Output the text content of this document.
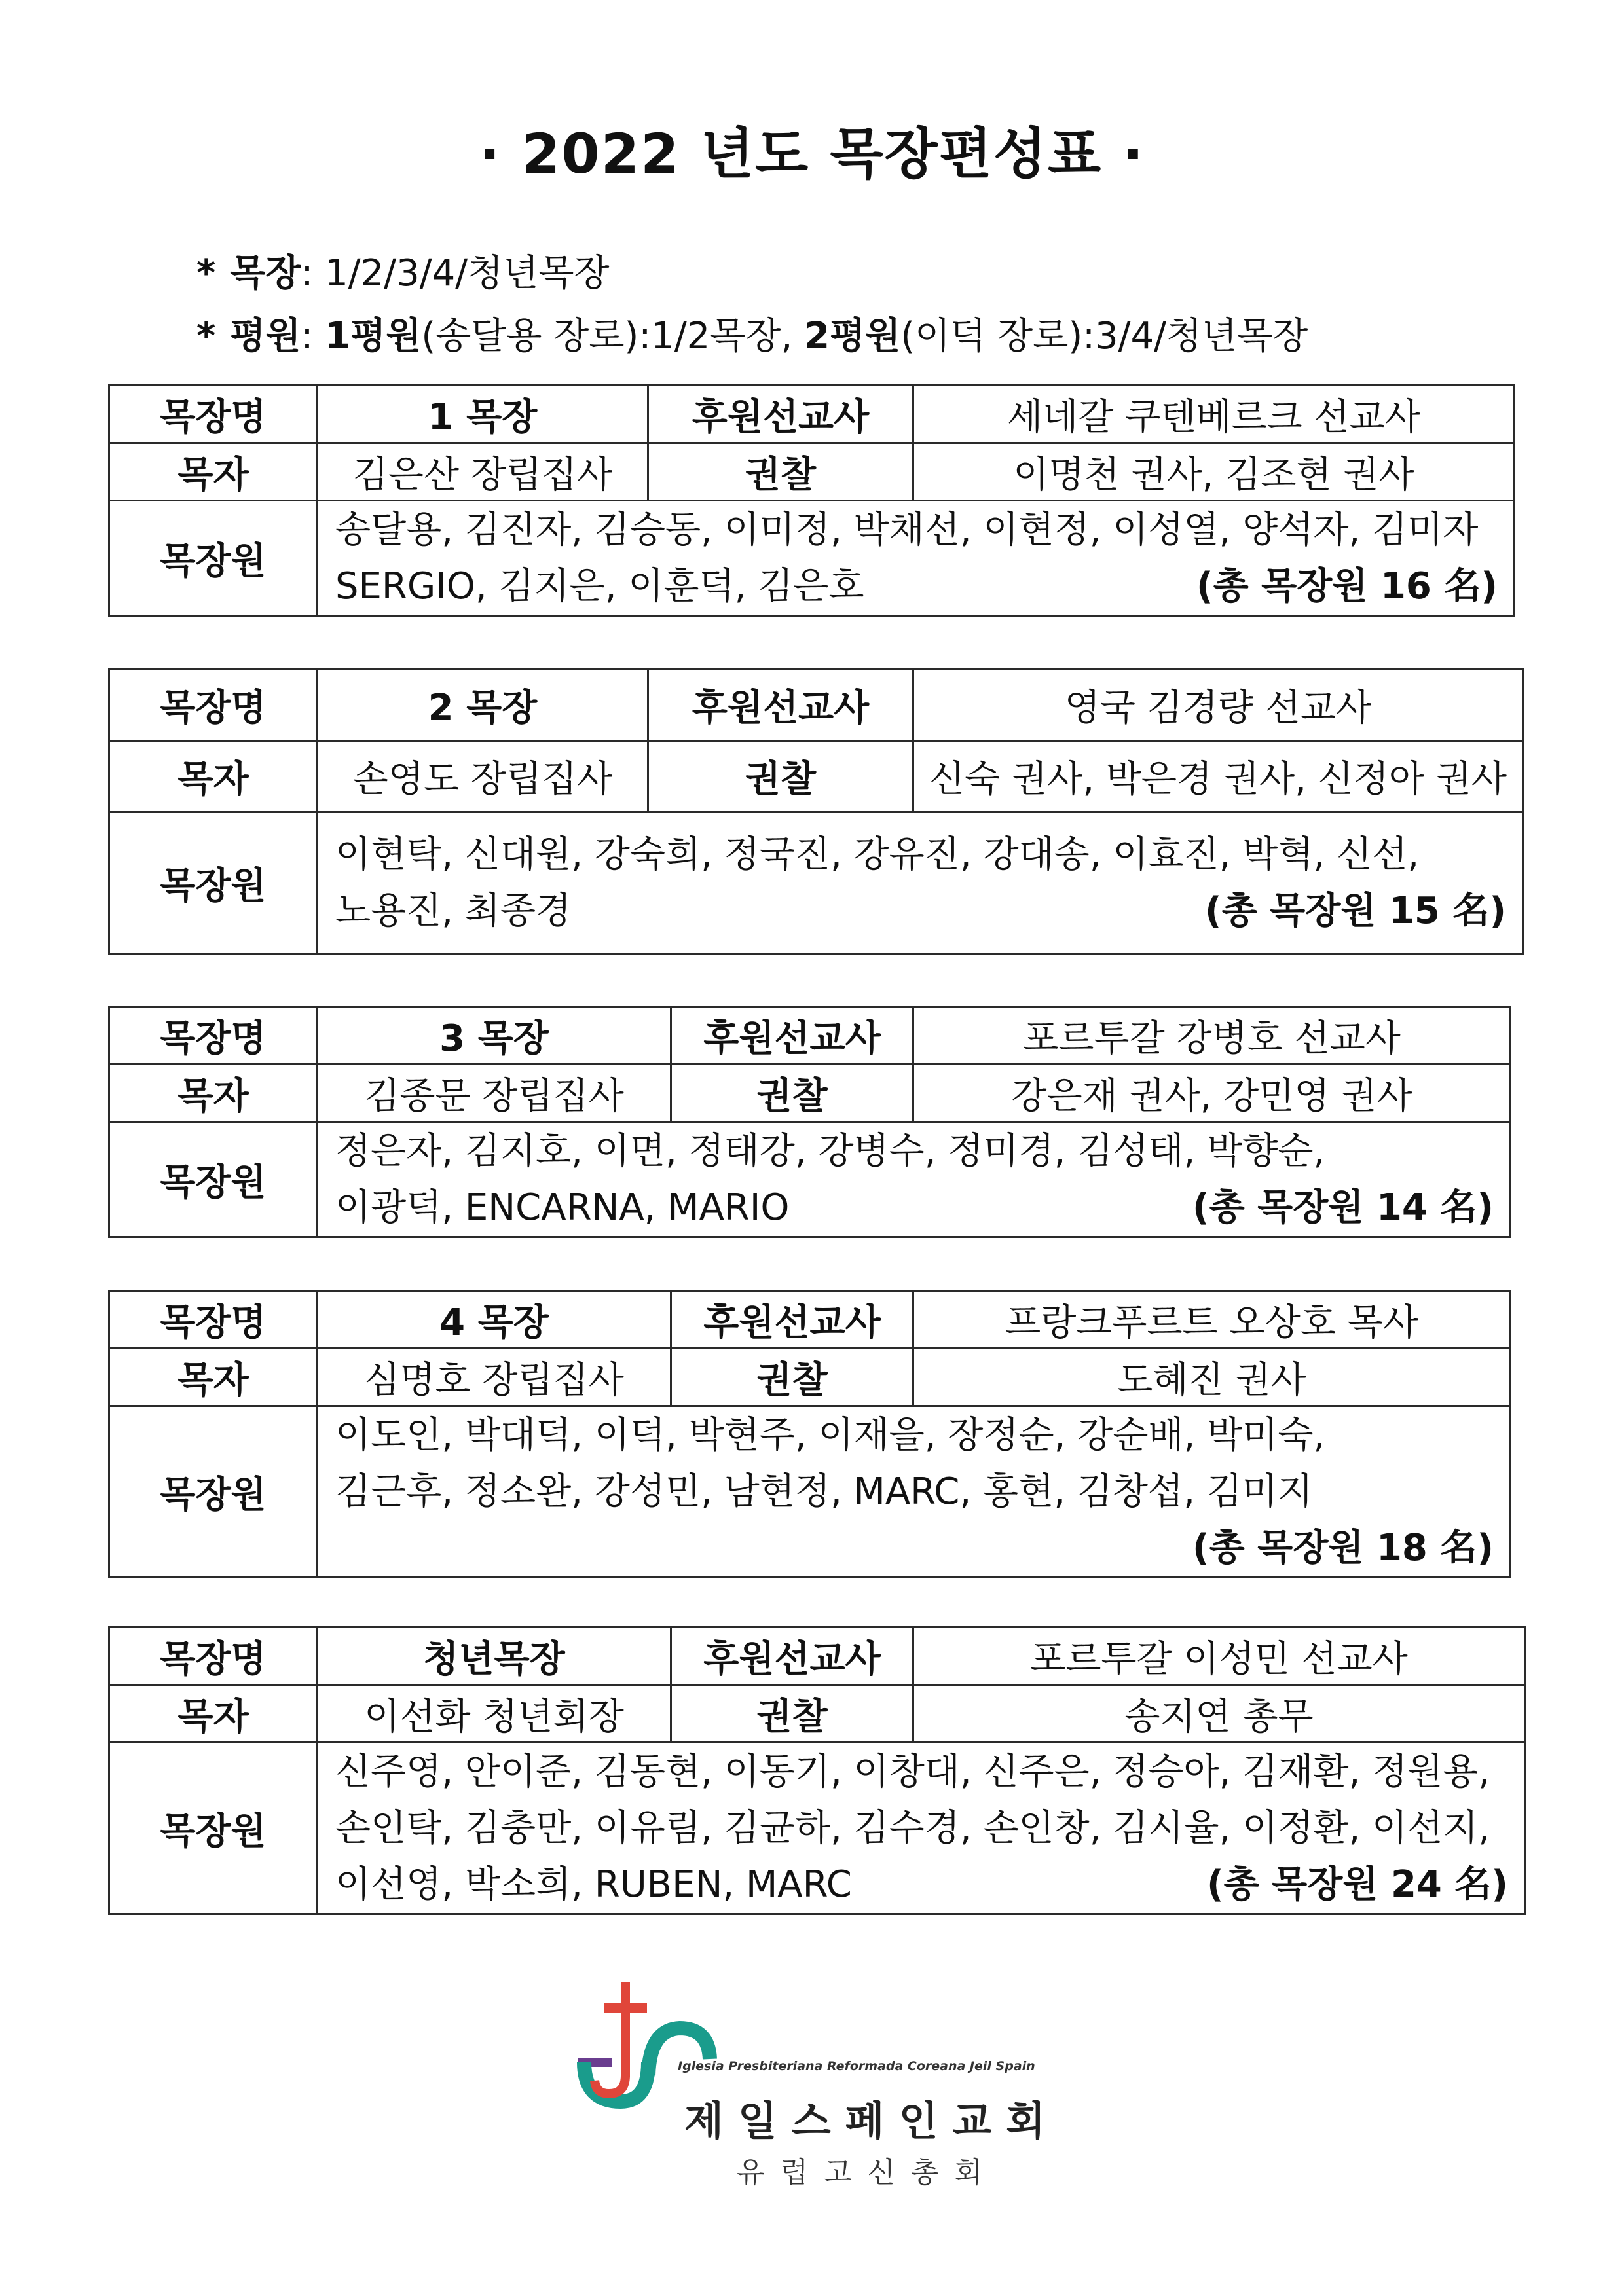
· 2022 년도 목장편성표 ·
* 목장: 1/2/3/4/청년목장
* 평원: 1평원(송달용 장로):1/2목장, 2평원(이덕 장로):3/4/청년목장
목장명	1 목장	후원선교사	세네갈 쿠텐베르크 선교사
목자	김은산 장립집사	권찰	이명천 권사, 김조현 권사
목장원	송달용, 김진자, 김승동, 이미정, 박채선, 이현정, 이성열, 양석자, 김미자
SERGIO, 김지은, 이훈덕, 김은호 (총 목장원 16 名)		
목장명	2 목장	후원선교사	영국 김경량 선교사
목자	손영도 장립집사	권찰	신숙 권사, 박은경 권사, 신정아 권사
목장원	이현탁, 신대원, 강숙희, 정국진, 강유진, 강대송, 이효진, 박혁, 신선,
노용진, 최종경 (총 목장원 15 名)		
목장명	3 목장	후원선교사	포르투갈 강병호 선교사
목자	김종문 장립집사	권찰	강은재 권사, 강민영 권사
목장원	정은자, 김지호, 이면, 정태강, 강병수, 정미경, 김성태, 박향순,
이광덕, ENCARNA, MARIO (총 목장원 14 名)		
목장명	4 목장	후원선교사	프랑크푸르트 오상호 목사
목자	심명호 장립집사	권찰	도혜진 권사
목장원	이도인, 박대덕, 이덕, 박현주, 이재을, 장정순, 강순배, 박미숙,
김근후, 정소완, 강성민, 남현정, MARC, 홍현, 김창섭, 김미지
(총 목장원 18 名)		
목장명	청년목장	후원선교사	포르투갈 이성민 선교사
목자	이선화 청년회장	권찰	송지연 총무
목장원	신주영, 안이준, 김동현, 이동기, 이창대, 신주은, 정승아, 김재환, 정원용,
손인탁, 김충만, 이유림, 김균하, 김수경, 손인창, 김시율, 이정환, 이선지,
이선영, 박소희, RUBEN, MARC (총 목장원 24 名)		
Iglesia Presbiteriana Reformada Coreana Jeil Spain
제일스페인교회
유럽고신총회
